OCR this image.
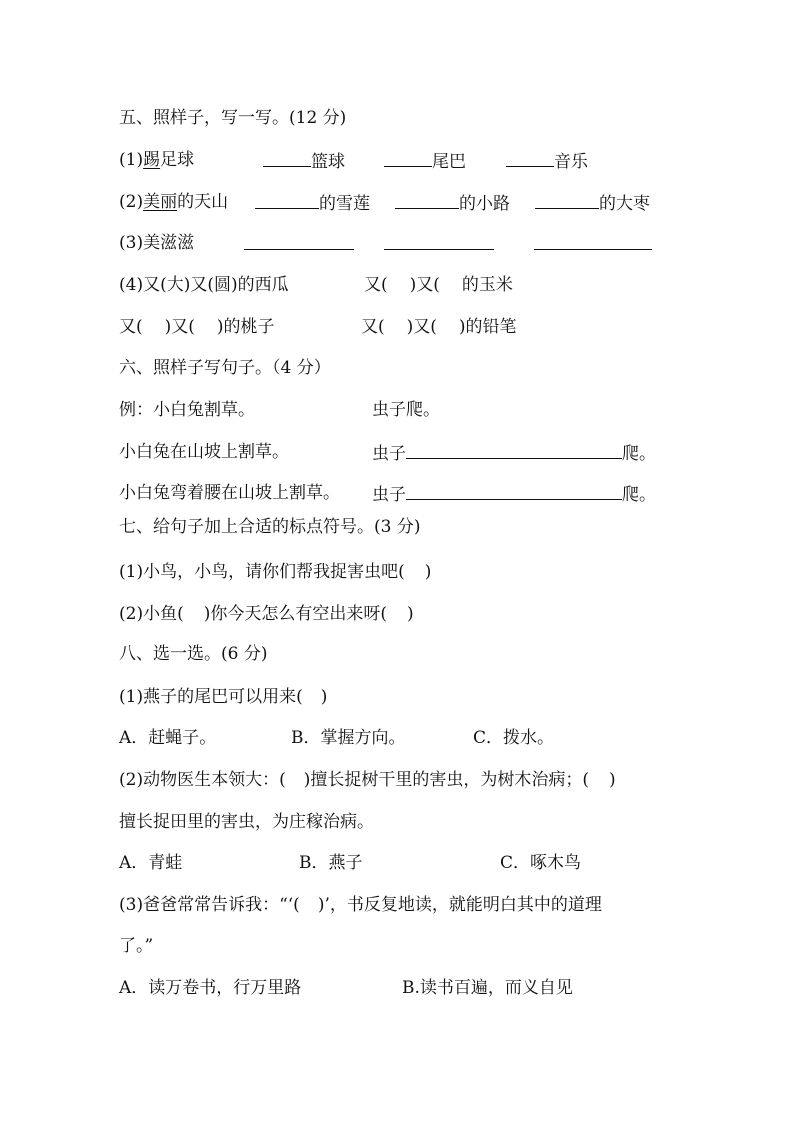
五、照样子，写一写。(12 分)
(1)踢足球	篮球	尾巴	音乐
(2)美丽的天山	的雪莲	的小路	的大枣
(3)美滋滋
(4)又(大)又(圆)的西瓜	又( )又( 的玉米
又( )又( )的桃子	又( )又( )的铅笔
六、照样子写句子。（4 分）
例：小白兔割草。	虫子爬。
小白兔在山坡上割草。	虫子	爬。
小白兔弯着腰在山坡上割草。 虫子	爬。
七、给句子加上合适的标点符号。(3 分)
(1)小鸟，小鸟，请你们帮我捉害虫吧( )
(2)小鱼( )你今天怎么有空出来呀( )
八、选一选。(6 分)
(1)燕子的尾巴可以用来( )
A．赶蝇子。	B．掌握方向。	C．拨水。
(2)动物医生本领大：( )擅长捉树干里的害虫，为树木治病；( )
擅长捉田里的害虫，为庄稼治病。
A．青蛙	B．燕子	C．啄木鸟
(3)爸爸常常告诉我：“‘( )’，书反复地读，就能明白其中的道理
了。”
A．读万卷书，行万里路	B.读书百遍，而义自见
